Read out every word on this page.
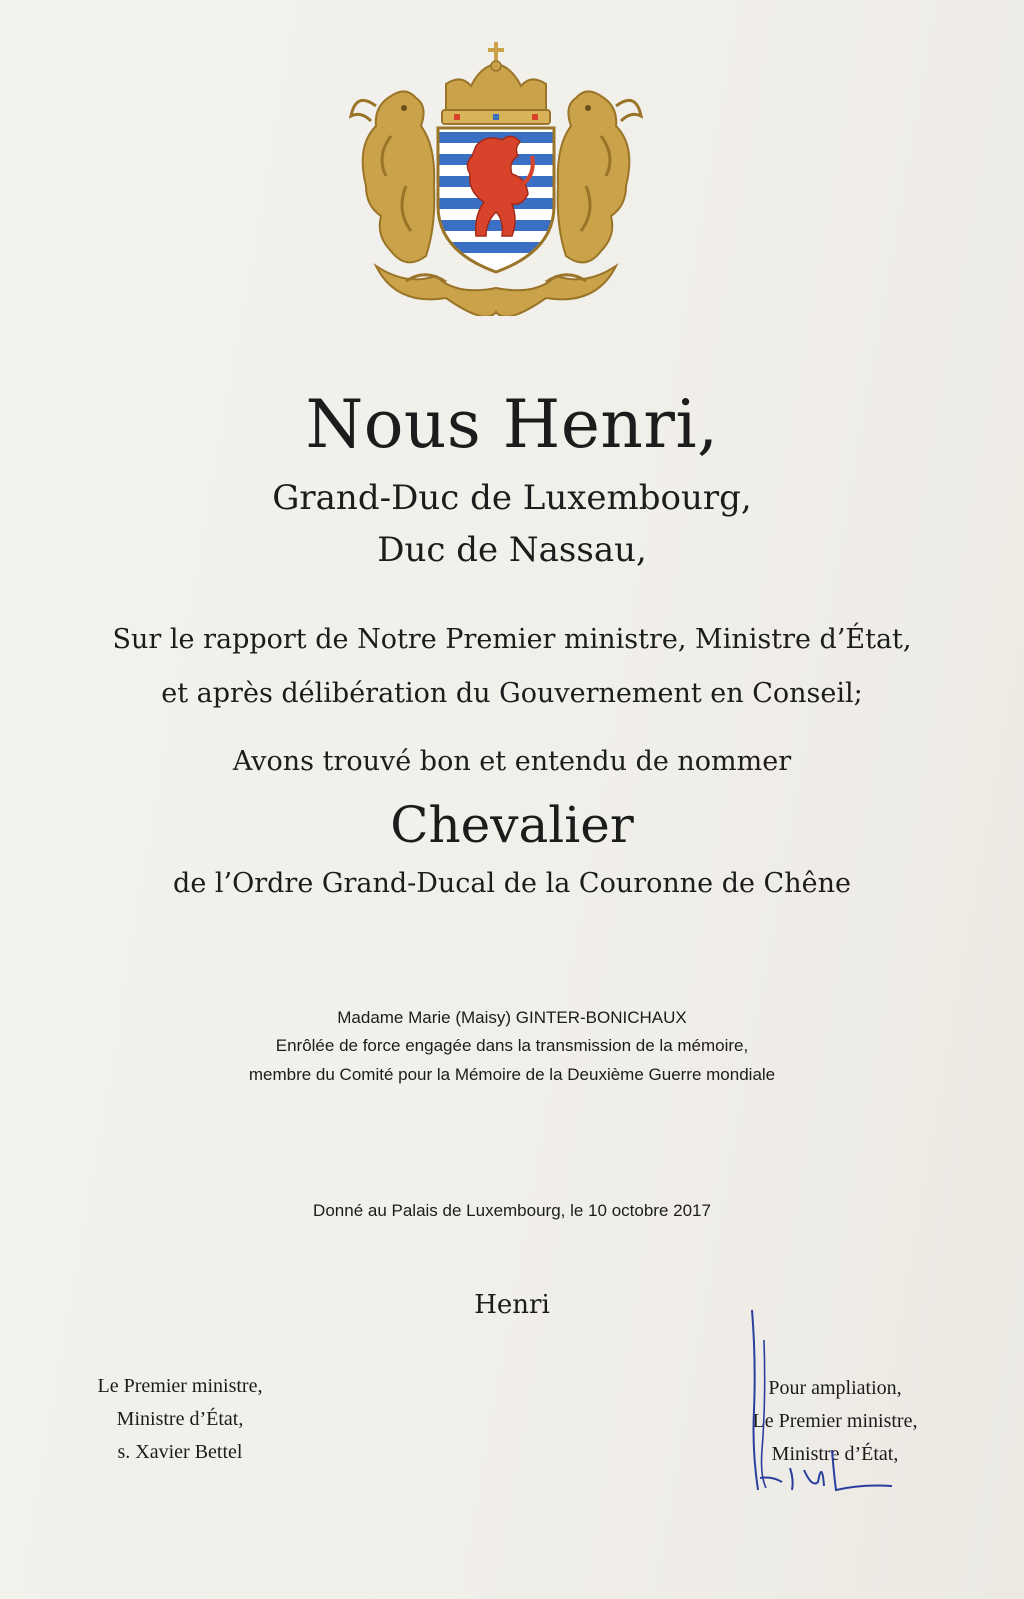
Nous Henri,
Grand-Duc de Luxembourg,
Duc de Nassau,
Sur le rapport de Notre Premier ministre, Ministre d’État,
et après délibération du Gouvernement en Conseil;
Avons trouvé bon et entendu de nommer
Chevalier
de l’Ordre Grand-Ducal de la Couronne de Chêne
Madame Marie (Maisy) GINTER-BONICHAUX
Enrôlée de force engagée dans la transmission de la mémoire,
membre du Comité pour la Mémoire de la Deuxième Guerre mondiale
Donné au Palais de Luxembourg, le 10 octobre 2017
Henri
Le Premier ministre,
Ministre d’État,
s. Xavier Bettel
Pour ampliation,
Le Premier ministre,
Ministre d’État,
